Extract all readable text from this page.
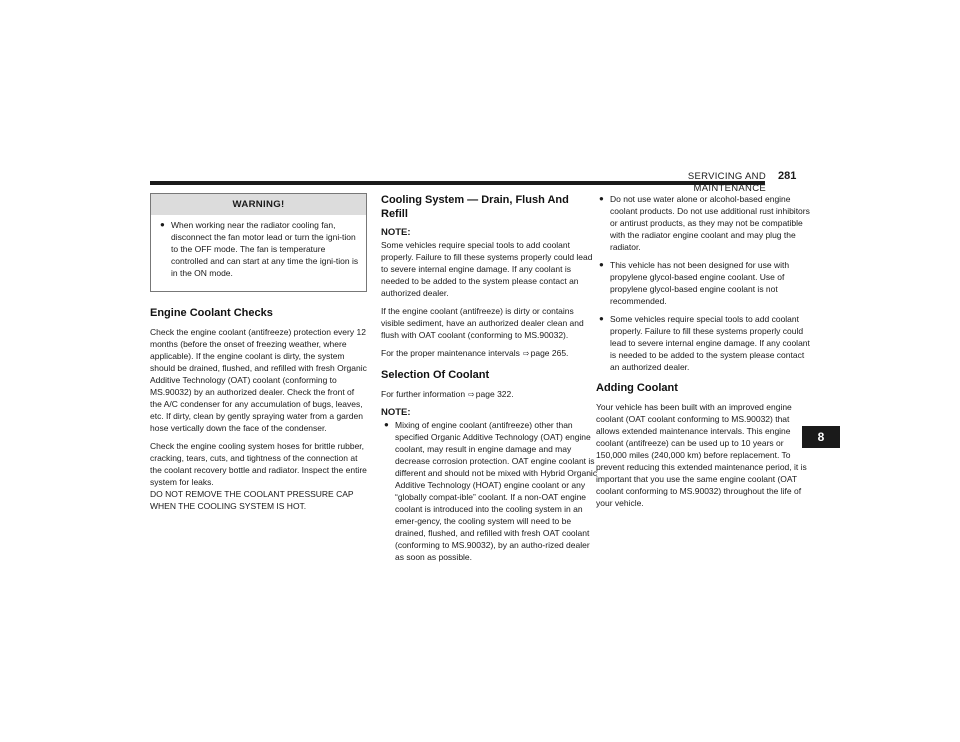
SERVICING AND MAINTENANCE
281
WARNING!
● When working near the radiator cooling fan, disconnect the fan motor lead or turn the igni-tion to the OFF mode. The fan is temperature controlled and can start at any time the igni-tion is in the ON mode.
Engine Coolant Checks

Check the engine coolant (antifreeze) protection every 12 months (before the onset of freezing weather, where applicable). If the engine coolant is dirty, the system should be drained, flushed, and refilled with fresh Organic Additive Technology (OAT) coolant (conforming to MS.90032) by an authorized dealer. Check the front of the A/C condenser for any accumulation of bugs, leaves, etc. If dirty, clean by gently spraying water from a garden hose vertically down the face of the condenser.

Check the engine cooling system hoses for brittle rubber, cracking, tears, cuts, and tightness of the connection at the coolant recovery bottle and radiator. Inspect the entire system for leaks.
DO NOT REMOVE THE COOLANT PRESSURE CAP WHEN THE COOLING SYSTEM IS HOT.

Cooling System — Drain, Flush And Refill
NOTE:

Some vehicles require special tools to add coolant properly. Failure to fill these systems properly could lead to severe internal engine damage. If any coolant is needed to be added to the system please contact an authorized dealer.

If the engine coolant (antifreeze) is dirty or contains visible sediment, have an authorized dealer clean and flush with OAT coolant (conforming to MS.90032).

For the proper maintenance intervals ⇨page 265.

Selection Of Coolant

For further information ⇨page 322.

NOTE:
● Mixing of engine coolant (antifreeze) other than specified Organic Additive Technology (OAT) engine coolant, may result in engine damage and may decrease corrosion protection. OAT engine coolant is different and should not be mixed with Hybrid Organic Additive Technology (HOAT) engine coolant or any “globally compat-ible” coolant. If a non-OAT engine coolant is introduced into the cooling system in an emer-gency, the cooling system will need to be drained, flushed, and refilled with fresh OAT coolant (conforming to MS.90032), by an autho-rized dealer as soon as possible.
● Do not use water alone or alcohol-based engine coolant products. Do not use additional rust inhibitors or antirust products, as they may not be compatible with the radiator engine coolant and may plug the radiator.
● This vehicle has not been designed for use with propylene glycol-based engine coolant. Use of propylene glycol-based engine coolant is not recommended.
● Some vehicles require special tools to add coolant properly. Failure to fill these systems properly could lead to severe internal engine damage. If any coolant is needed to be added to the system please contact an authorized dealer.
Adding Coolant

Your vehicle has been built with an improved engine coolant (OAT coolant conforming to MS.90032) that allows extended maintenance intervals. This engine coolant (antifreeze) can be used up to 10 years or 150,000 miles (240,000 km) before replacement. To prevent reducing this extended maintenance period, it is important that you use the same engine coolant (OAT coolant conforming to MS.90032) throughout the life of your vehicle.

8
